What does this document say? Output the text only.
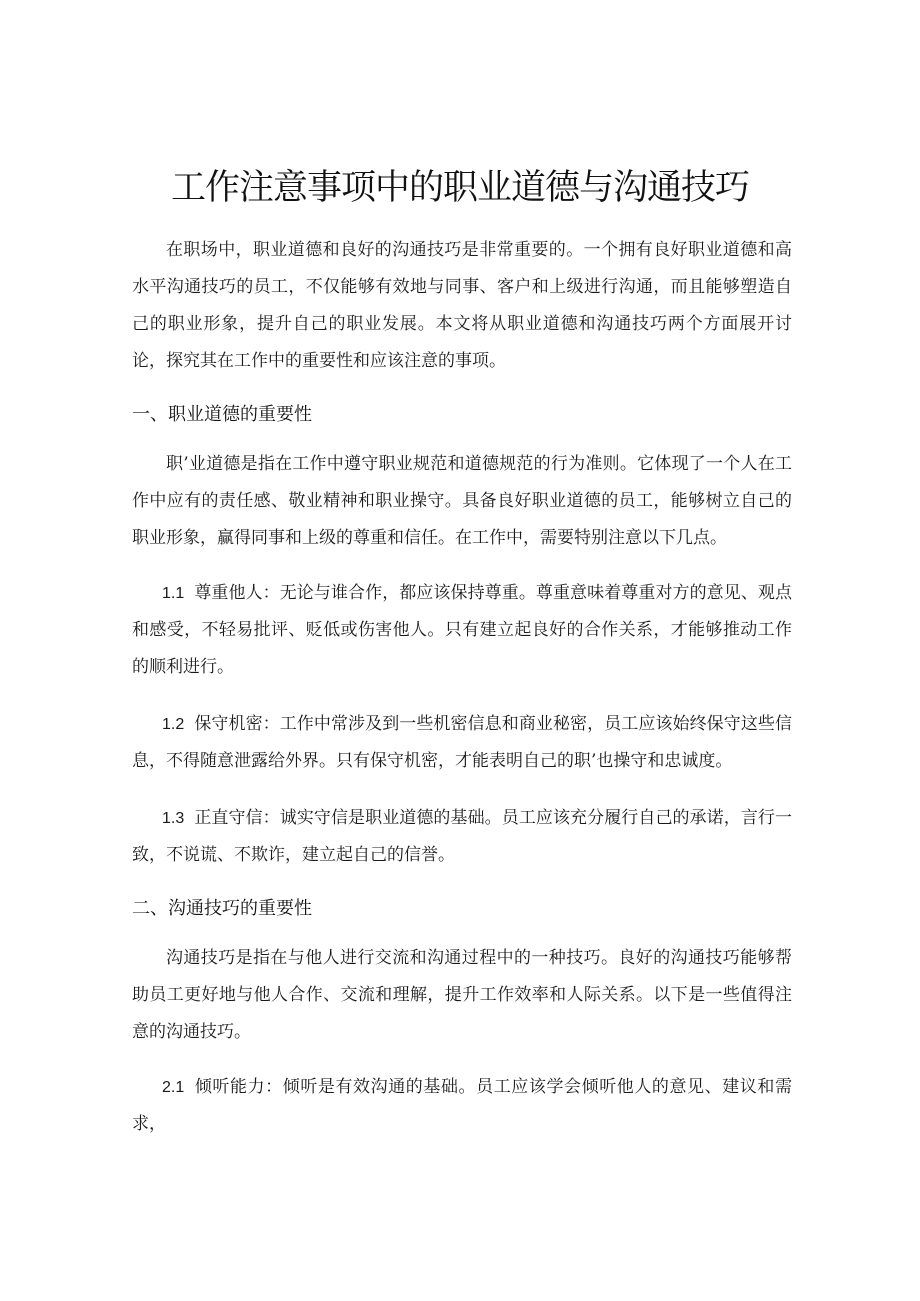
工作注意事项中的职业道德与沟通技巧

在职场中，职业道德和良好的沟通技巧是非常重要的。一个拥有良好职业道德和高水平沟通技巧的员工，不仅能够有效地与同事、客户和上级进行沟通，而且能够塑造自己的职业形象，提升自己的职业发展。本文将从职业道德和沟通技巧两个方面展开讨论，探究其在工作中的重要性和应该注意的事项。

一、职业道德的重要性

职’业道德是指在工作中遵守职业规范和道德规范的行为准则。它体现了一个人在工作中应有的责任感、敬业精神和职业操守。具备良好职业道德的员工，能够树立自己的职业形象，赢得同事和上级的尊重和信任。在工作中，需要特别注意以下几点。

1.1 尊重他人：无论与谁合作，都应该保持尊重。尊重意味着尊重对方的意见、观点和感受，不轻易批评、贬低或伤害他人。只有建立起良好的合作关系，才能够推动工作的顺利进行。

1.2 保守机密：工作中常涉及到一些机密信息和商业秘密，员工应该始终保守这些信息，不得随意泄露给外界。只有保守机密，才能表明自己的职’也操守和忠诚度。

1.3 正直守信：诚实守信是职业道德的基础。员工应该充分履行自己的承诺，言行一致，不说谎、不欺诈，建立起自己的信誉。

二、沟通技巧的重要性

沟通技巧是指在与他人进行交流和沟通过程中的一种技巧。良好的沟通技巧能够帮助员工更好地与他人合作、交流和理解，提升工作效率和人际关系。以下是一些值得注意的沟通技巧。

2.1 倾听能力：倾听是有效沟通的基础。员工应该学会倾听他人的意见、建议和需求，
